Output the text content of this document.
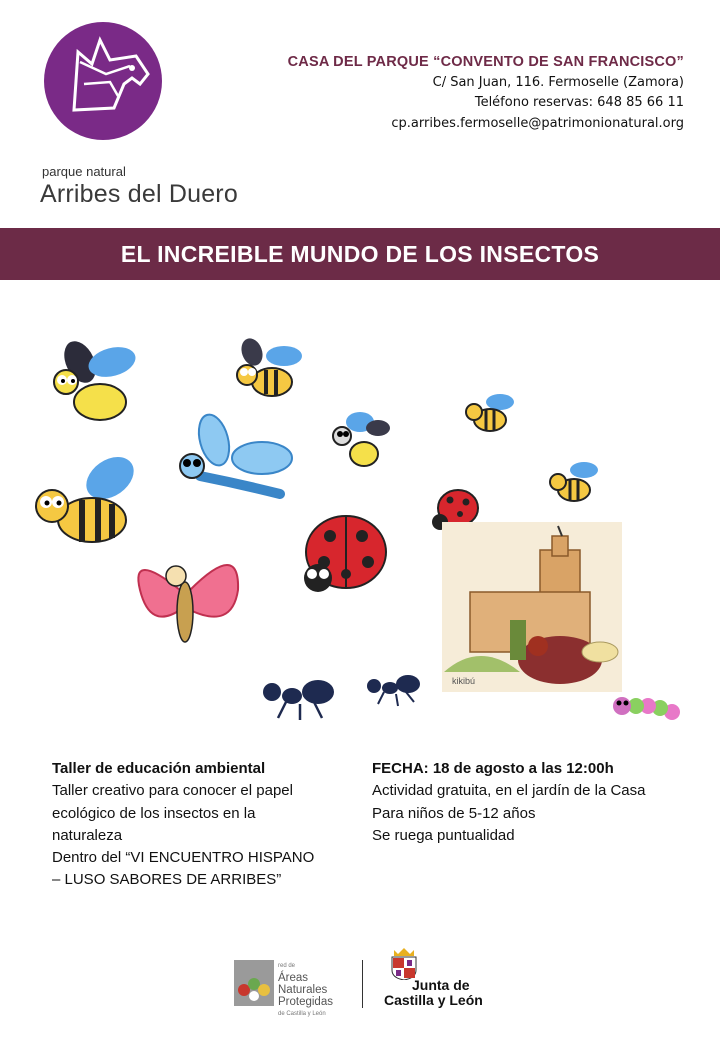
parque natural
Arribes del Duero
CASA DEL PARQUE “CONVENTO DE SAN FRANCISCO”
C/ San Juan, 116. Fermoselle (Zamora)
Teléfono reservas: 648 85 66 11
cp.arribes.fermoselle@patrimonionatural.org
EL INCREIBLE MUNDO DE LOS INSECTOS
kikibú
Taller de educación ambiental
Taller creativo para conocer el papel
ecológico de los insectos en la
naturaleza
Dentro del “VI ENCUENTRO HISPANO
– LUSO SABORES DE ARRIBES”
FECHA: 18 de agosto a las 12:00h
Actividad gratuita, en el jardín de la Casa
Para niños de 5-12 años
Se ruega puntualidad
red de
Áreas
Naturales
Protegidas
de Castilla y León
Junta de
Castilla y León
